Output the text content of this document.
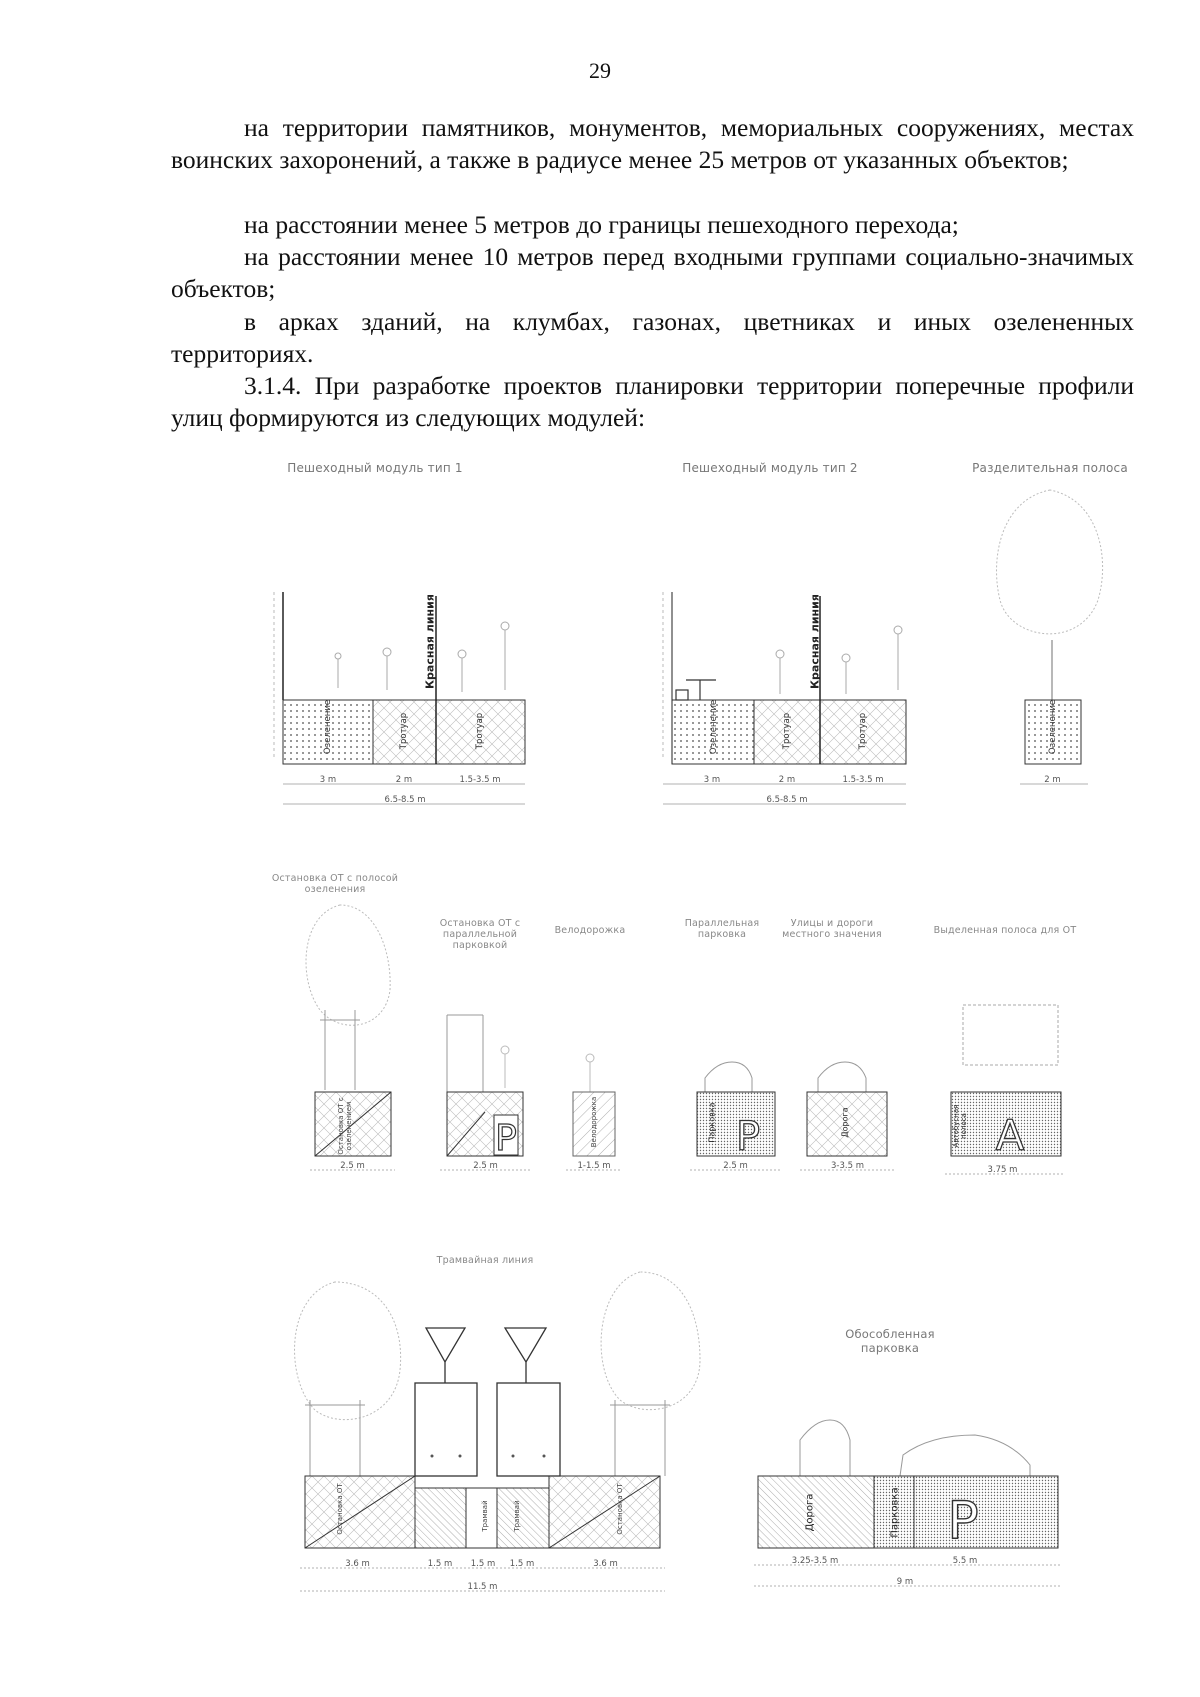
29

на территории памятников, монументов, мемориальных сооружениях, местах воинских захоронений, а также в радиусе менее 25 метров от указанных объектов;

на расстоянии менее 5 метров до границы пешеходного перехода;

на расстоянии менее 10 метров перед входными группами социально-значимых объектов;

в арках зданий, на клумбах, газонах, цветниках и иных озелененных территориях.

3.1.4. При разработке проектов планировки территории поперечные профили улиц формируются из следующих модулей:

P	P	A
P
Пешеходный модуль тип 1	Пешеходный модуль тип 2	Разделительная полоса
Остановка ОТ с полосой озеленения
Остановка ОТ с параллельной парковкой
Велодорожка
Параллельная парковка
Улицы и дороги местного значения	Выделенная полоса для ОТ
Трамвайная линия
Обособленная парковка
Озеленение	Тротуар	Тротуар
Красная линия
Озеленение	Тротуар	Тротуар
Красная линия
Озеленение
Остановка ОТ с озеленением	Велодорожка	Парковка	Дорога	Автобусная полоса
Остановка ОТ	Трамвай	Трамвай	Остановка ОТ	Дорога	Парковка
3 m	2 m	1.5-3.5 m
6.5-8.5 m
3 m	2 m	1.5-3.5 m
6.5-8.5 m
2 m
2.5 m	2.5 m	1-1.5 m	2.5 m	3-3.5 m	3.75 m
3.6 m	1.5 m	1.5 m	1.5 m	3.6 m
11.5 m
3.25-3.5 m	5.5 m
9 m
